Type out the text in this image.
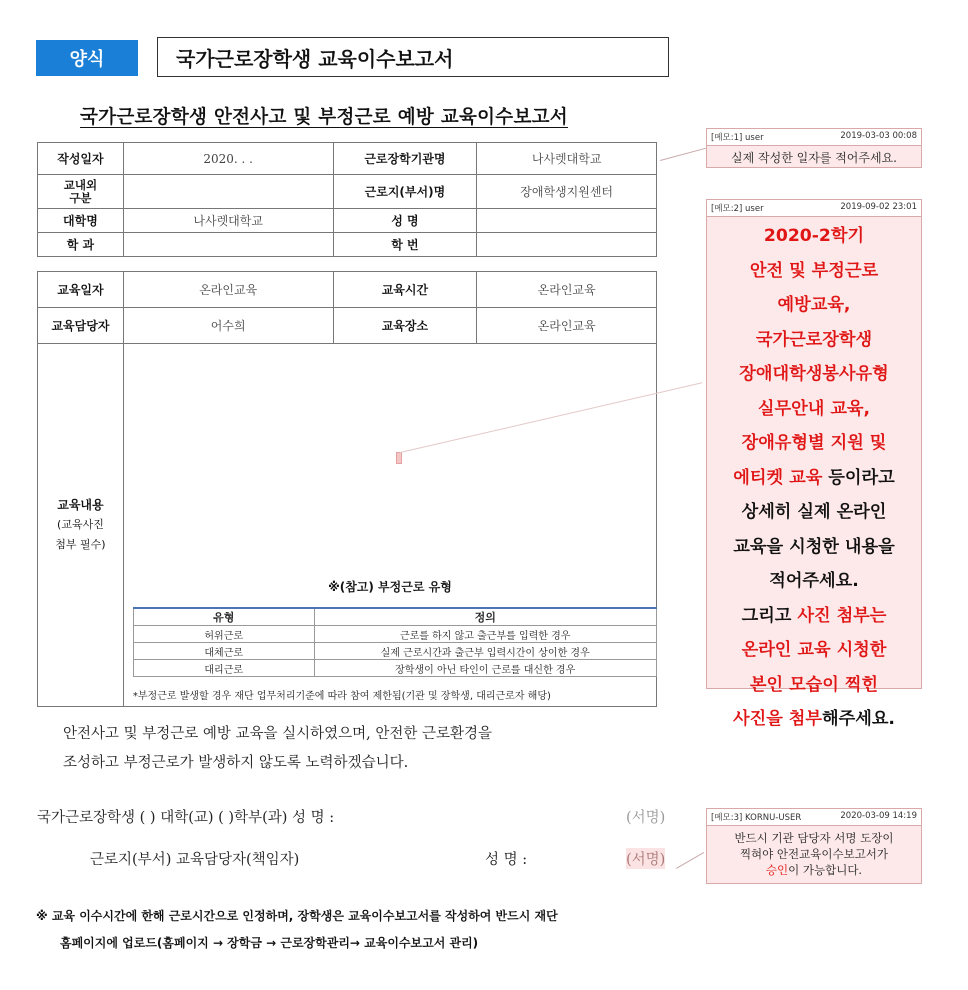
양식	국가근로장학생 교육이수보고서
국가근로장학생 안전사고 및 부정근로 예방 교육이수보고서
작성일자	2020. . .	근로장학기관명	나사렛대학교
교내외
구분		근로지(부서)명	장애학생지원센터
대학명	나사렛대학교	성 명	
학 과		학 번	
교육일자	온라인교육	교육시간	온라인교육
교육담당자	어수희	교육장소	온라인교육

교육내용
(교육사진
첨부 필수)

※(참고) 부정근로 유형
유형	정의
허위근로	근로를 하지 않고 출근부를 입력한 경우
대체근로	실제 근로시간과 출근부 입력시간이 상이한 경우
대리근로	장학생이 아닌 타인이 근로를 대신한 경우
*부정근로 발생할 경우 재단 업무처리기준에 따라 참여 제한됨(기관 및 장학생, 대리근로자 해당)
안전사고 및 부정근로 예방 교육을 실시하였으며, 안전한 근로환경을
조성하고 부정근로가 발생하지 않도록 노력하겠습니다.
국가근로장학생 ( ) 대학(교) ( )학부(과) 성 명 :	(서명)
근로지(부서) 교육담당자(책임자)	성 명 :	(서명)
※ 교육 이수시간에 한해 근로시간으로 인정하며, 장학생은 교육이수보고서를 작성하여 반드시 재단
홈페이지에 업로드(홈페이지 → 장학금 → 근로장학관리→ 교육이수보고서 관리)
[메모:1] user	2019-03-03 00:08
실제 작성한 일자를 적어주세요.
[메모:2] user	2019-09-02 23:01
2020-2학기
안전 및 부정근로
예방교육,
국가근로장학생
장애대학생봉사유형
실무안내 교육,
장애유형별 지원 및
에티켓 교육 등이라고
상세히 실제 온라인
교육을 시청한 내용을
적어주세요.
그리고 사진 첨부는
온라인 교육 시청한
본인 모습이 찍힌
사진을 첨부해주세요.
[메모:3] KORNU-USER	2020-03-09 14:19
반드시 기관 담당자 서명 도장이
찍혀야 안전교육이수보고서가
승인이 가능합니다.
